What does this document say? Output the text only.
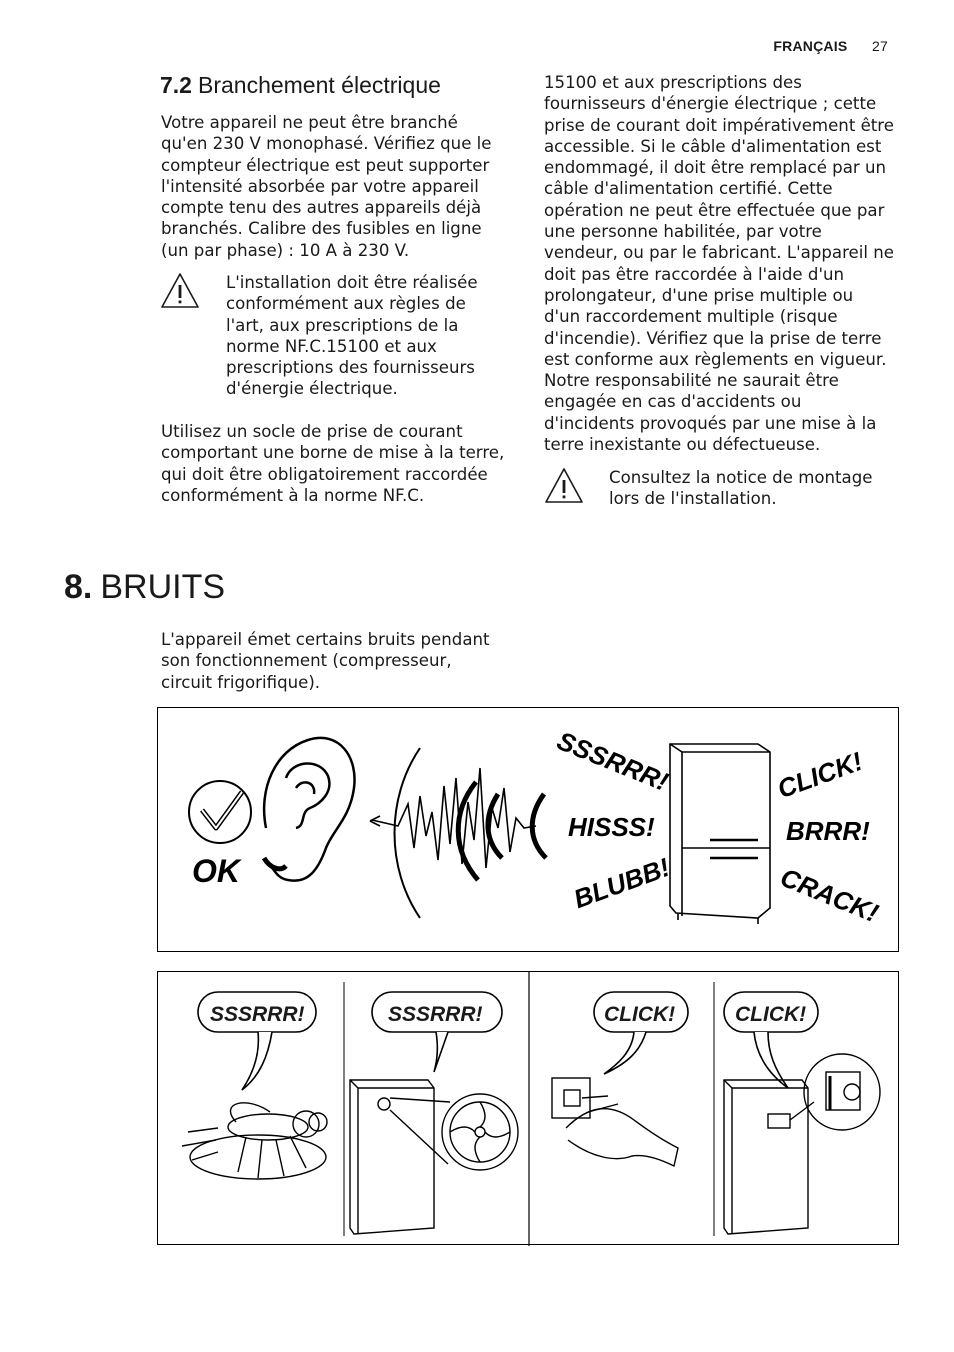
FRANÇAIS 27
7.2 Branchement électrique

Votre appareil ne peut être branché qu'en 230 V monophasé. Vérifiez que le compteur électrique est peut supporter l'intensité absorbée par votre appareil compte tenu des autres appareils déjà branchés. Calibre des fusibles en ligne (un par phase) : 10 A à 230 V.

L'installation doit être réalisée conformément aux règles de l'art, aux prescriptions de la norme NF.C.15100 et aux prescriptions des fournisseurs d'énergie électrique.

Utilisez un socle de prise de courant comportant une borne de mise à la terre, qui doit être obligatoirement raccordée conformément à la norme NF.C.

15100 et aux prescriptions des fournisseurs d'énergie électrique ; cette prise de courant doit impérativement être accessible. Si le câble d'alimentation est endommagé, il doit être remplacé par un câble d'alimentation certifié. Cette opération ne peut être effectuée que par une personne habilitée, par votre vendeur, ou par le fabricant. L'appareil ne doit pas être raccordée à l'aide d'un prolongateur, d'une prise multiple ou d'un raccordement multiple (risque d'incendie). Vérifiez que la prise de terre est conforme aux règlements en vigueur. Notre responsabilité ne saurait être engagée en cas d'accidents ou d'incidents provoqués par une mise à la terre inexistante ou défectueuse.

Consultez la notice de montage lors de l'installation.
8. BRUITS

L'appareil émet certains bruits pendant son fonctionnement (compresseur, circuit frigorifique).

OK
SSSRRR!
HISSS!
BLUBB!
CLICK!
BRRR!
CRACK!
SSSRRR!	SSSRRR!	CLICK!	CLICK!
